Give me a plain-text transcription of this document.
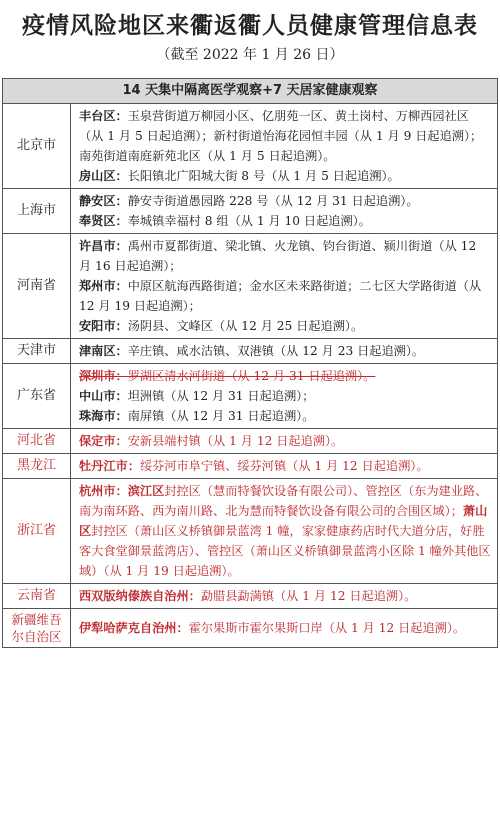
疫情风险地区来衢返衢人员健康管理信息表
（截至 2022 年 1 月 26 日）
14 天集中隔离医学观察+7 天居家健康观察	
北京市	丰台区：玉泉营街道万柳园小区、亿朋苑一区、黄土岗村、万柳西园社区（从 1 月 5 日起追溯）；新村街道怡海花园恒丰园（从 1 月 9 日起追溯）；南苑街道南庭新苑北区（从 1 月 5 日起追溯）。
房山区：长阳镇北广阳城大街 8 号（从 1 月 5 日起追溯）。

上海市	静安区：静安寺街道愚园路 228 号（从 12 月 31 日起追溯）。
奉贤区：奉城镇幸福村 8 组（从 1 月 10 日起追溯）。

河南省	许昌市：禹州市夏都街道、梁北镇、火龙镇、钧台街道、颍川街道（从 12 月 16 日起追溯）；
郑州市：中原区航海西路街道；金水区未来路街道；二七区大学路街道（从 12 月 19 日起追溯）；
安阳市：汤阴县、文峰区（从 12 月 25 日起追溯）。

天津市	津南区：辛庄镇、咸水沽镇、双港镇（从 12 月 23 日起追溯）。

广东省	深圳市：罗湖区清水河街道（从 12 月 31 日起追溯）。
中山市：坦洲镇（从 12 月 31 日起追溯）；
珠海市：南屏镇（从 12 月 31 日起追溯）。

河北省	保定市：安新县端村镇（从 1 月 12 日起追溯）。

黑龙江	牡丹江市：绥芬河市阜宁镇、绥芬河镇（从 1 月 12 日起追溯）。

浙江省	杭州市：滨江区封控区（慧而特餐饮设备有限公司）、管控区（东为建业路、南为南环路、西为南川路、北为慧而特餐饮设备有限公司的合围区域）；萧山区封控区（萧山区义桥镇御景蓝湾 1 幢，家家健康药店时代大道分店，好胜客大食堂御景蓝湾店）、管控区（萧山区义桥镇御景蓝湾小区除 1 幢外其他区域）（从 1 月 19 日起追溯）。

云南省	西双版纳傣族自治州：勐腊县勐满镇（从 1 月 12 日起追溯）。

新疆维吾尔自治区	伊犁哈萨克自治州：霍尔果斯市霍尔果斯口岸（从 1 月 12 日起追溯）。
